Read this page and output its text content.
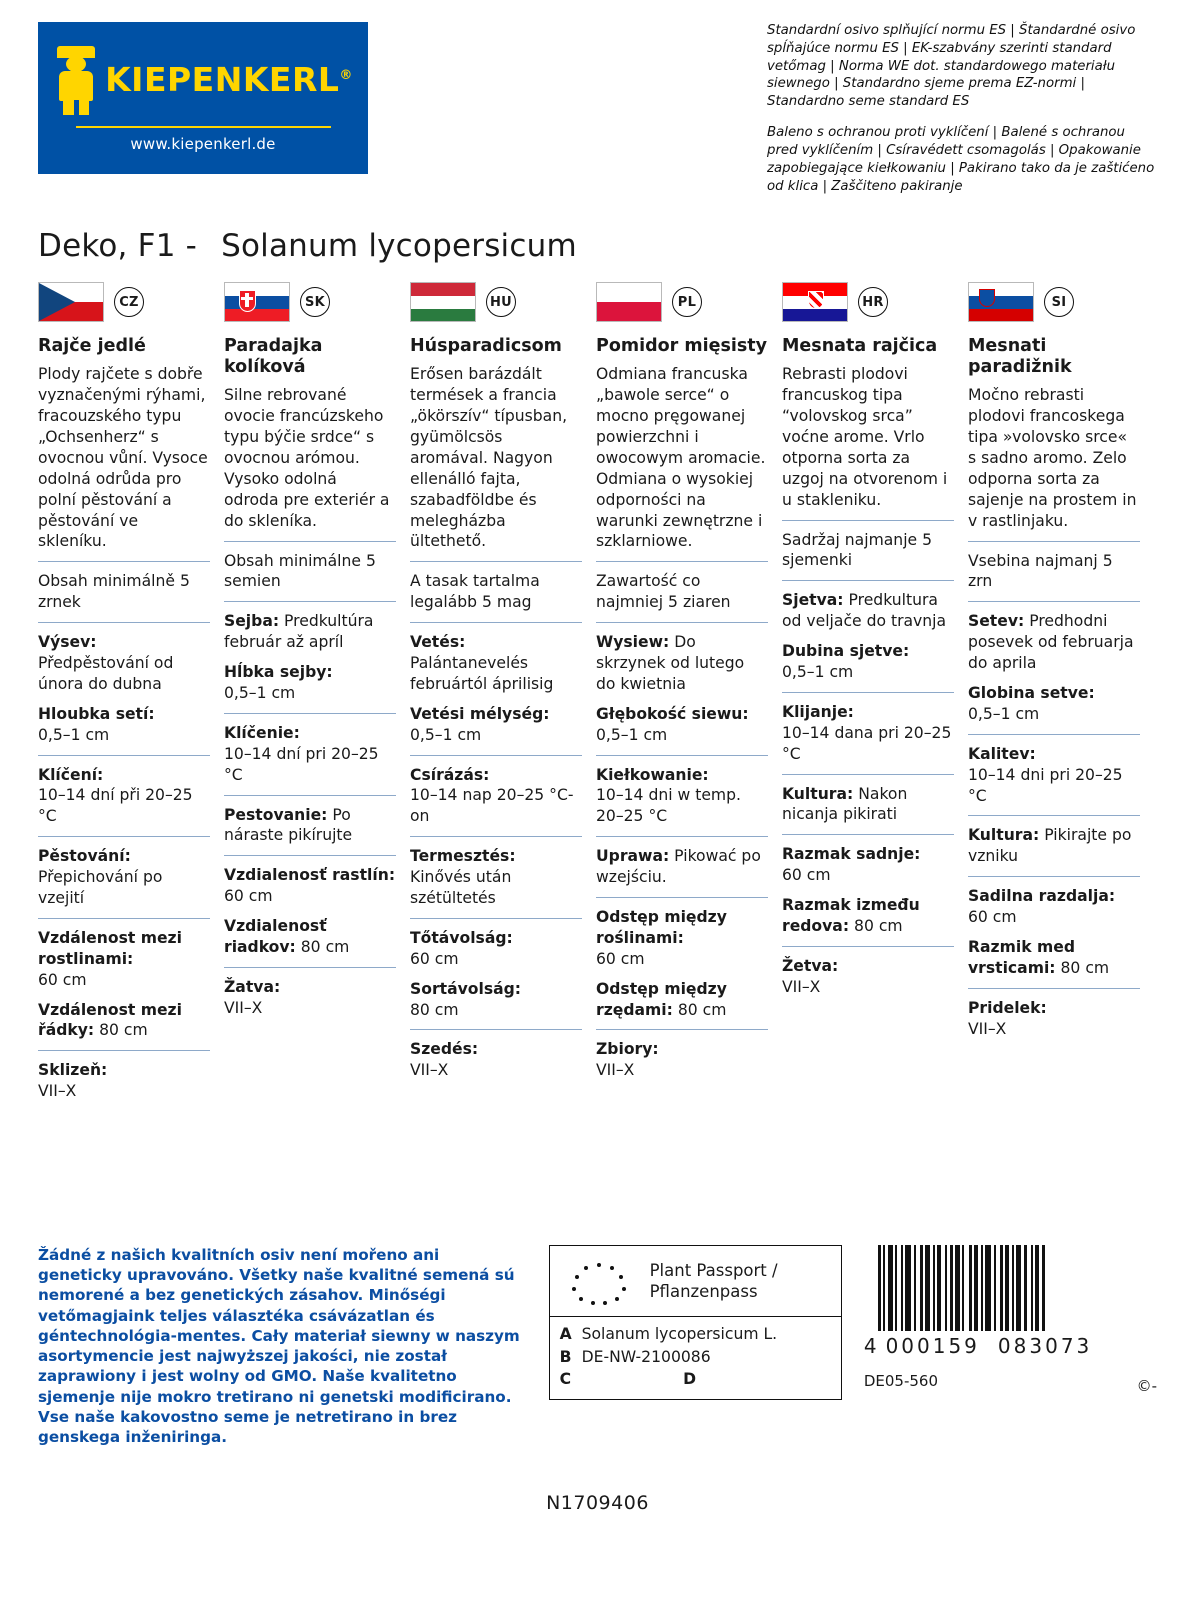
KIEPENKERL®
www.kiepenkerl.de

Standardní osivo splňující normu ES | Štandardné osivo spĺňajúce normu ES | EK-szabvány szerinti standard vetőmag | Norma WE dot. standardowego materiału siewnego | Standardno sjeme prema EZ-normi | Standardno seme standard ES

Baleno s ochranou proti vyklíčení | Balené s ochranou pred vyklíčením | Csíravédett csomagolás | Opakowanie zapobiegające kiełkowaniu | Pakirano tako da je zaštićeno od klica | Zaščiteno pakiranje

Deko, F1 - Solanum lycopersicum
CZ
Rajče jedlé
Plody rajčete s dobře vyznačenými rýhami, fracouzského typu „Ochsenherz“ s ovocnou vůní. Vysoce odolná odrůda pro polní pěstování a pěstování ve skleníku.
Obsah minimálně 5 zrnek
Výsev: Předpěstování od února do dubna
Hloubka setí:
0,5–1 cm
Klíčení:
10–14 dní při 20–25 °C
Pěstování: Přepichování po vzejití
Vzdálenost mezi rostlinami:
60 cm
Vzdálenost mezi řádky: 80 cm
Sklizeň:
VII–X
SK
Paradajka kolíková
Silne rebrované ovocie francúzskeho typu býčie srdce“ s ovocnou arómou. Vysoko odolná odroda pre exteriér a do skleníka.
Obsah minimálne 5 semien
Sejba: Predkultúra február až apríl
Hĺbka sejby:
0,5–1 cm
Klíčenie:
10–14 dní pri 20–25 °C
Pestovanie: Po náraste pikírujte
Vzdialenosť rastlín:
60 cm
Vzdialenosť riadkov: 80 cm
Žatva:
VII–X
HU
Húsparadicsom
Erősen barázdált termések a francia „ökörszív“ típusban, gyümölcsös aromával. Nagyon ellenálló fajta, szabadföldbe és melegházba ültethető.
A tasak tartalma legalább 5 mag
Vetés: Palántanevelés februártól áprilisig
Vetési mélység:
0,5–1 cm
Csírázás:
10–14 nap 20–25 °C-on
Termesztés:
Kinővés után szétültetés
Tőtávolság:
60 cm
Sortávolság:
80 cm
Szedés:
VII–X
PL
Pomidor mięsisty
Odmiana francuska „bawole serce“ o mocno pręgowanej powierzchni i owocowym aromacie. Odmiana o wysokiej odporności na warunki zewnętrzne i szklarniowe.
Zawartość co najmniej 5 ziaren
Wysiew: Do skrzynek od lutego do kwietnia
Głębokość siewu:
0,5–1 cm
Kiełkowanie:
10–14 dni w temp. 20–25 °C
Uprawa: Pikować po wzejściu.
Odstęp między roślinami:
60 cm
Odstęp między rzędami: 80 cm
Zbiory:
VII–X
HR
Mesnata rajčica
Rebrasti plodovi francuskog tipa “volovskog srca” voćne arome. Vrlo otporna sorta za uzgoj na otvorenom i u stakleniku.
Sadržaj najmanje 5 sjemenki
Sjetva: Predkultura od veljače do travnja
Dubina sjetve:
0,5–1 cm
Klijanje:
10–14 dana pri 20–25 °C
Kultura: Nakon nicanja pikirati
Razmak sadnje:
60 cm
Razmak između redova: 80 cm
Žetva:
VII–X
SI
Mesnati paradižnik
Močno rebrasti plodovi francoskega tipa »volovsko srce« s sadno aromo. Zelo odporna sorta za sajenje na prostem in v rastlinjaku.
Vsebina najmanj 5 zrn
Setev: Predhodni posevek od februarja do aprila
Globina setve:
0,5–1 cm
Kalitev:
10–14 dni pri 20–25 °C
Kultura: Pikirajte po vzniku
Sadilna razdalja:
60 cm
Razmik med vrsticami: 80 cm
Pridelek:
VII–X
Žádné z našich kvalitních osiv není mořeno ani geneticky upravováno. Všetky naše kvalitné semená sú nemorené a bez genetických zásahov. Minőségi vetőmagjaink teljes választéka csávázatlan és géntechnológia-mentes. Cały materiał siewny w naszym asortymencie jest najwyższej jakości, nie został zaprawiony i jest wolny od GMO. Naše kvalitetno sjemenje nije mokro tretirano ni genetski modificirano. Vse naše kakovostno seme je netretirano in brez genskega inženiringa.
Plant Passport / Pflanzenpass
A Solanum lycopersicum L.
B DE-NW-2100086
C	D
4 000159 083073
DE05-560	©-
N1709406
